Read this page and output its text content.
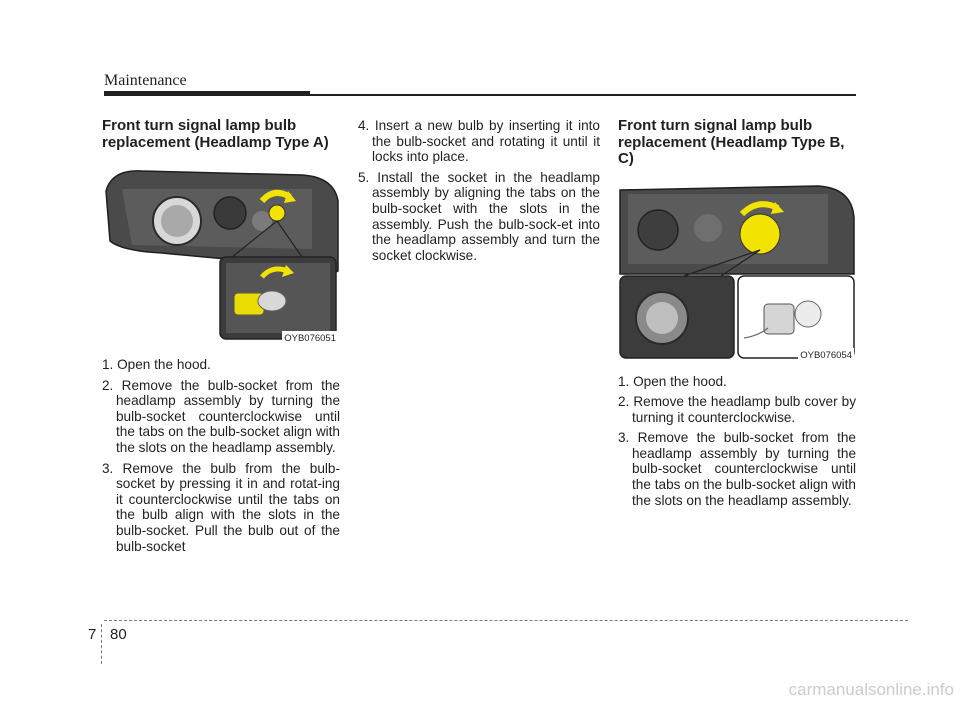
Maintenance
Front turn signal lamp bulb replacement (Headlamp Type A)
OYB076051
1. Open the hood.
2. Remove the bulb-socket from the headlamp assembly by turning the bulb-socket counterclockwise until the tabs on the bulb-socket align with the slots on the headlamp assembly.
3. Remove the bulb from the bulb-socket by pressing it in and rotat-ing it counterclockwise until the tabs on the bulb align with the slots in the bulb-socket. Pull the bulb out of the bulb-socket
4. Insert a new bulb by inserting it into the bulb-socket and rotating it until it locks into place.
5. Install the socket in the headlamp assembly by aligning the tabs on the bulb-socket with the slots in the assembly. Push the bulb-sock-et into the headlamp assembly and turn the socket clockwise.
Front turn signal lamp bulb replacement (Headlamp Type B, C)
OYB076054
1. Open the hood.
2. Remove the headlamp bulb cover by turning it counterclockwise.
3. Remove the bulb-socket from the headlamp assembly by turning the bulb-socket counterclockwise until the tabs on the bulb-socket align with the slots on the headlamp assembly.
7 80
carmanualsonline.info
